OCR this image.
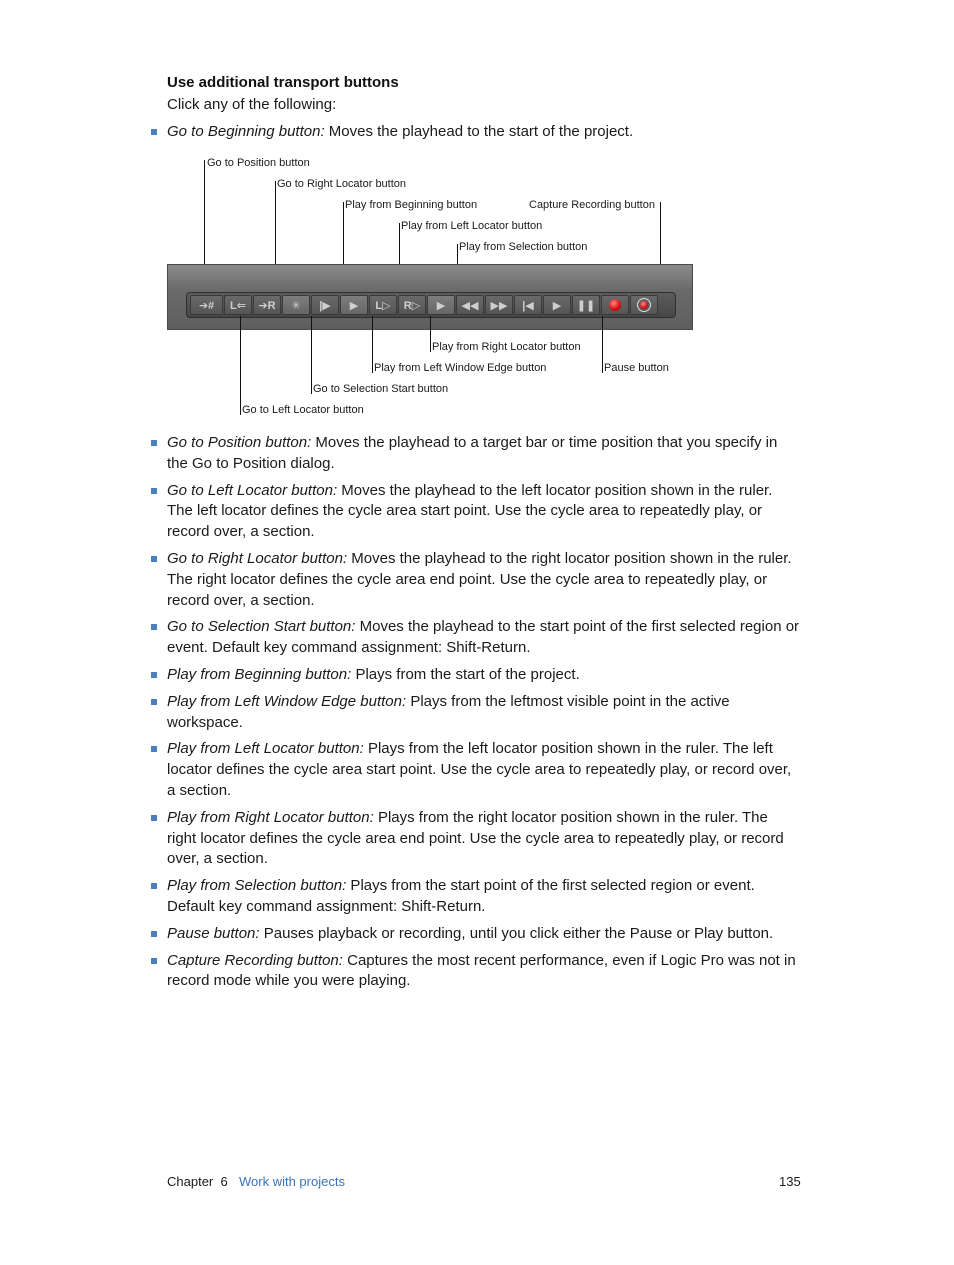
Use additional transport buttons
Click any of the following:
Go to Beginning button: Moves the playhead to the start of the project.
Go to Position button
Go to Right Locator button
Play from Beginning button	Capture Recording button
Play from Left Locator button
Play from Selection button
➔#	L⇐	➔R	✳	|▶	▶	L▷	R▷	▶	◀◀	▶▶	|◀	▶	❚❚
Play from Right Locator button
Play from Left Window Edge button	Pause button
Go to Selection Start button
Go to Left Locator button
Go to Position button: Moves the playhead to a target bar or time position that you specify in the Go to Position dialog.
Go to Left Locator button: Moves the playhead to the left locator position shown in the ruler. The left locator defines the cycle area start point. Use the cycle area to repeatedly play, or record over, a section.
Go to Right Locator button: Moves the playhead to the right locator position shown in the ruler. The right locator defines the cycle area end point. Use the cycle area to repeatedly play, or record over, a section.
Go to Selection Start button: Moves the playhead to the start point of the first selected region or event. Default key command assignment: Shift-Return.
Play from Beginning button: Plays from the start of the project.
Play from Left Window Edge button: Plays from the leftmost visible point in the active workspace.
Play from Left Locator button: Plays from the left locator position shown in the ruler. The left locator defines the cycle area start point. Use the cycle area to repeatedly play, or record over, a section.
Play from Right Locator button: Plays from the right locator position shown in the ruler. The right locator defines the cycle area end point. Use the cycle area to repeatedly play, or record over, a section.
Play from Selection button: Plays from the start point of the first selected region or event. Default key command assignment: Shift-Return.
Pause button: Pauses playback or recording, until you click either the Pause or Play button.
Capture Recording button: Captures the most recent performance, even if Logic Pro was not in record mode while you were playing.
Chapter  6 Work with projects	135
